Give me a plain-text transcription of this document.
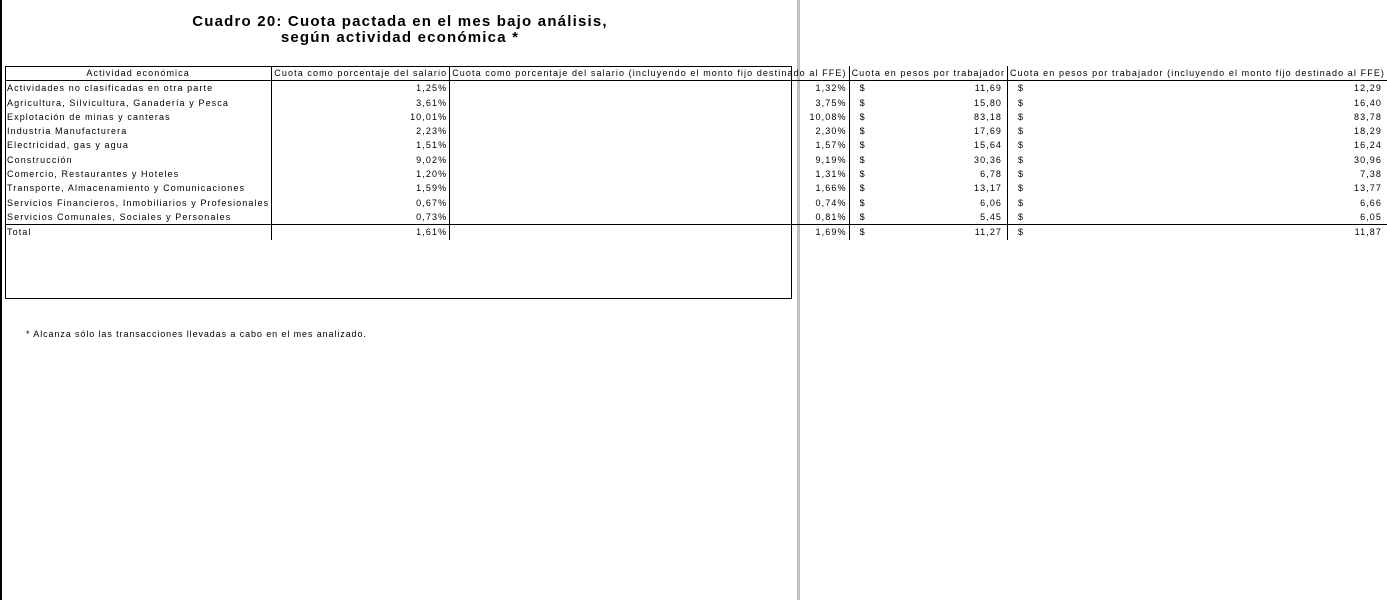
Cuadro 20: Cuota pactada en el mes bajo análisis,
según actividad económica *
Actividad económica	Cuota como porcentaje del salario	Cuota como porcentaje del salario (incluyendo el monto fijo destinado al FFE)	Cuota en pesos por trabajador	Cuota en pesos por trabajador (incluyendo el monto fijo destinado al FFE)
Actividades no clasificadas en otra parte	1,25%	1,32%	$ 11,69	$ 12,29

Agricultura, Silvicultura, Ganadería y Pesca	3,61%	3,75%	$ 15,80	$ 16,40

Explotación de minas y canteras	10,01%	10,08%	$ 83,18	$ 83,78

Industria Manufacturera	2,23%	2,30%	$ 17,69	$ 18,29

Electricidad, gas y agua	1,51%	1,57%	$ 15,64	$ 16,24

Construcción	9,02%	9,19%	$ 30,36	$ 30,96

Comercio, Restaurantes y Hoteles	1,20%	1,31%	$ 6,78	$ 7,38

Transporte, Almacenamiento y Comunicaciones	1,59%	1,66%	$ 13,17	$ 13,77

Servicios Financieros, Inmobiliarios y Profesionales	0,67%	0,74%	$ 6,06	$ 6,66

Servicios Comunales, Sociales y Personales	0,73%	0,81%	$ 5,45	$ 6,05

Total	1,61%	1,69%	$ 11,27	$ 11,87
* Alcanza sólo las transacciones llevadas a cabo en el mes analizado.
